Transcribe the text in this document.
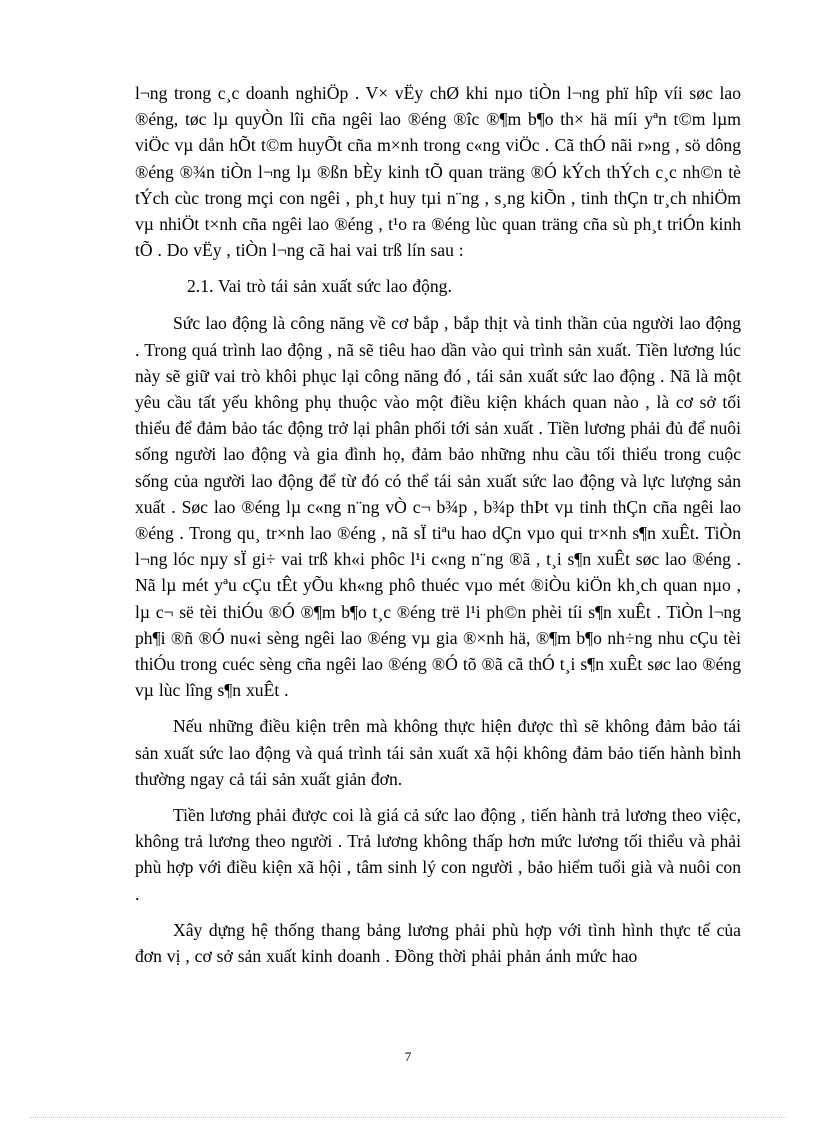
l¬ng trong c¸c doanh nghiÖp . V× vËy chØ khi nµo tiÒn l¬ng phï hîp víi søc lao ®éng, tøc lµ quyÒn lîi cña ngêi lao ®éng ®îc ®¶m b¶o th× hä míi yªn t©m lµm viÖc vµ dån hÕt t©m huyÕt cña m×nh trong c«ng viÖc . Cã thÓ nãi r»ng , sö dông ®éng ®¾n tiÒn l¬ng lµ ®ßn bÈy kinh tÕ quan träng ®Ó kÝch thÝch c¸c nh©n tè tÝch cùc trong mçi con ngêi , ph¸t huy tµi n¨ng , s¸ng kiÕn , tinh thÇn tr¸ch nhiÖm vµ nhiÖt t×nh cña ngêi lao ®éng , t¹o ra ®éng lùc quan träng cña sù ph¸t triÓn kinh tÕ . Do vËy , tiÒn l¬ng cã hai vai trß lín sau :

2.1. Vai trò tái sản xuất sức lao động.

Sức lao động là công năng về cơ bắp , bắp thịt và tinh thần của người lao động . Trong quá trình lao động , nã sẽ tiêu hao dần vào qui trình sản xuất. Tiền lương lúc này sẽ giữ vai trò khôi phục lại công năng đó , tái sản xuất sức lao động . Nã là một yêu cầu tất yếu không phụ thuộc vào một điều kiện khách quan nào , là cơ sở tối thiểu để đảm bảo tác động trở lại phân phối tới sản xuất . Tiền lương phải đủ để nuôi sống người lao động và gia đình họ, đảm bảo những nhu cầu tối thiểu trong cuộc sống của người lao động để từ đó có thể tái sản xuất sức lao động và lực lượng sản xuất . Søc lao ®éng lµ c«ng n¨ng vÒ c¬ b¾p , b¾p thÞt vµ tinh thÇn cña ngêi lao ®éng . Trong qu¸ tr×nh lao ®éng , nã sÏ tiªu hao dÇn vµo qui tr×nh s¶n xuÊt. TiÒn l¬ng lóc nµy sÏ gi÷ vai trß kh«i phôc l¹i c«ng n¨ng ®ã , t¸i s¶n xuÊt søc lao ®éng . Nã lµ mét yªu cÇu tÊt yÕu kh«ng phô thuéc vµo mét ®iÒu kiÖn kh¸ch quan nµo , lµ c¬ së tèi thiÓu ®Ó ®¶m b¶o t¸c ®éng trë l¹i ph©n phèi tíi s¶n xuÊt . TiÒn l¬ng ph¶i ®ñ ®Ó nu«i sèng ngêi lao ®éng vµ gia ®×nh hä, ®¶m b¶o nh÷ng nhu cÇu tèi thiÓu trong cuéc sèng cña ngêi lao ®éng ®Ó tõ ®ã cã thÓ t¸i s¶n xuÊt søc lao ®éng vµ lùc lîng s¶n xuÊt .

Nếu những điều kiện trên mà không thực hiện được thì sẽ không đảm bảo tái sản xuất sức lao động và quá trình tái sản xuất xã hội không đảm bảo tiến hành bình thường ngay cả tái sản xuất giản đơn.

Tiền lương phải được coi là giá cả sức lao động , tiến hành trả lương theo việc, không trả lương theo người . Trả lương không thấp hơn mức lương tối thiểu và phải phù hợp với điều kiện xã hội , tâm sinh lý con người , bảo hiểm tuổi già và nuôi con .

Xây dựng hệ thống thang bảng lương phải phù hợp với tình hình thực tế của đơn vị , cơ sở sản xuất kinh doanh . Đồng thời phải phản ánh mức hao

7
